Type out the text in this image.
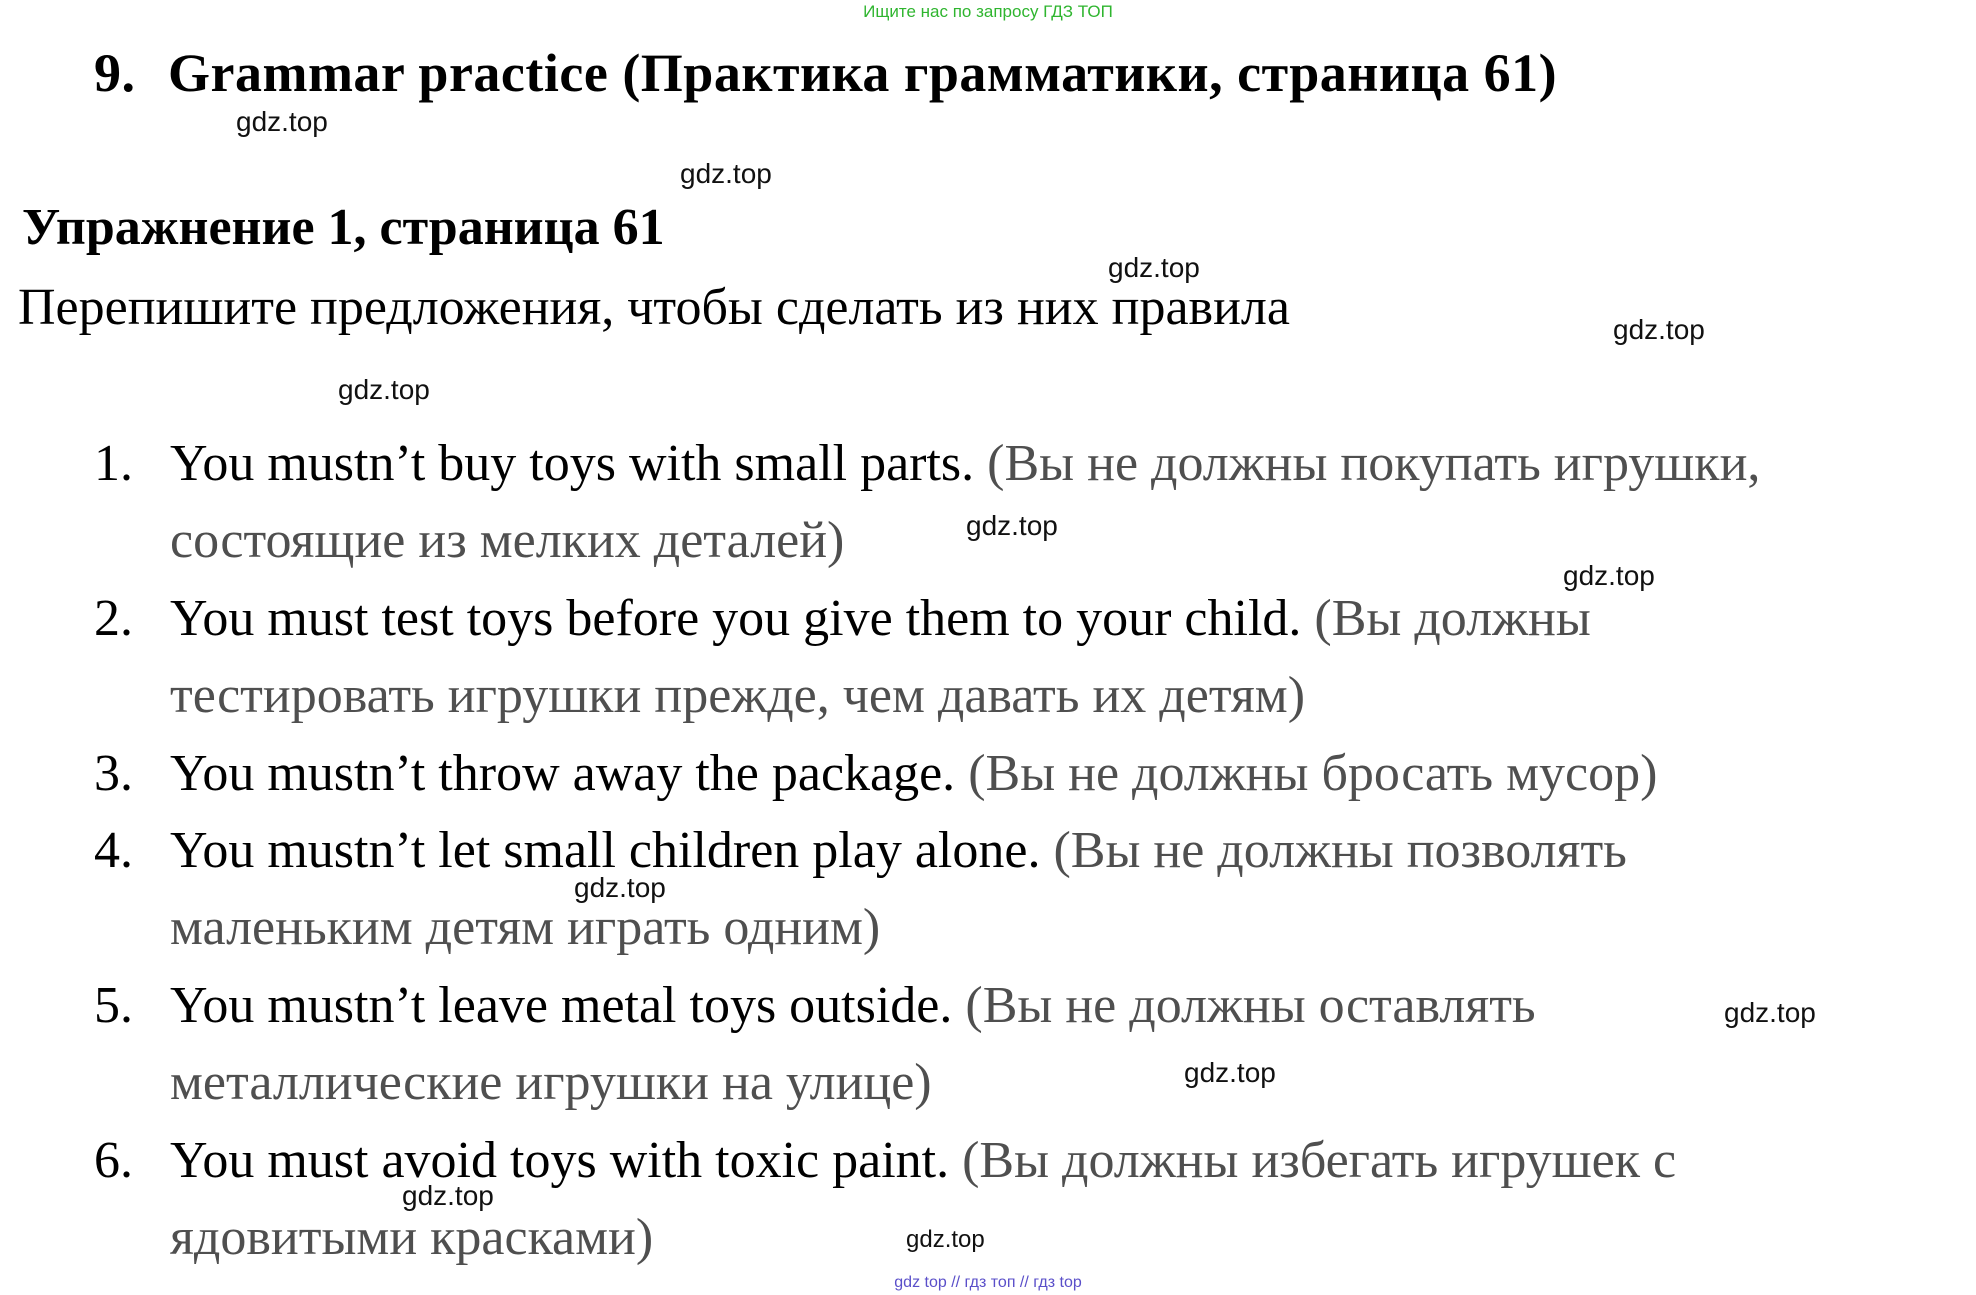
Ищите нас по запросу ГДЗ ТОП
9. Grammar practice (Практика грамматики, страница 61)
Упражнение 1, страница 61
Перепишите предложения, чтобы сделать из них правила
1. You mustn’t buy toys with small parts. (Вы не должны покупать игрушки,
состоящие из мелких деталей)
2. You must test toys before you give them to your child. (Вы должны
тестировать игрушки прежде, чем давать их детям)
3. You mustn’t throw away the package. (Вы не должны бросать мусор)
4. You mustn’t let small children play alone. (Вы не должны позволять
маленьким детям играть одним)
5. You mustn’t leave metal toys outside. (Вы не должны оставлять
металлические игрушки на улице)
6. You must avoid toys with toxic paint. (Вы должны избегать игрушек с
ядовитыми красками)
gdz.top
gdz.top
gdz.top
gdz.top
gdz.top
gdz.top
gdz.top
gdz.top
gdz.top
gdz.top
gdz.top
gdz.top
gdz top // гдз топ // гдз top
